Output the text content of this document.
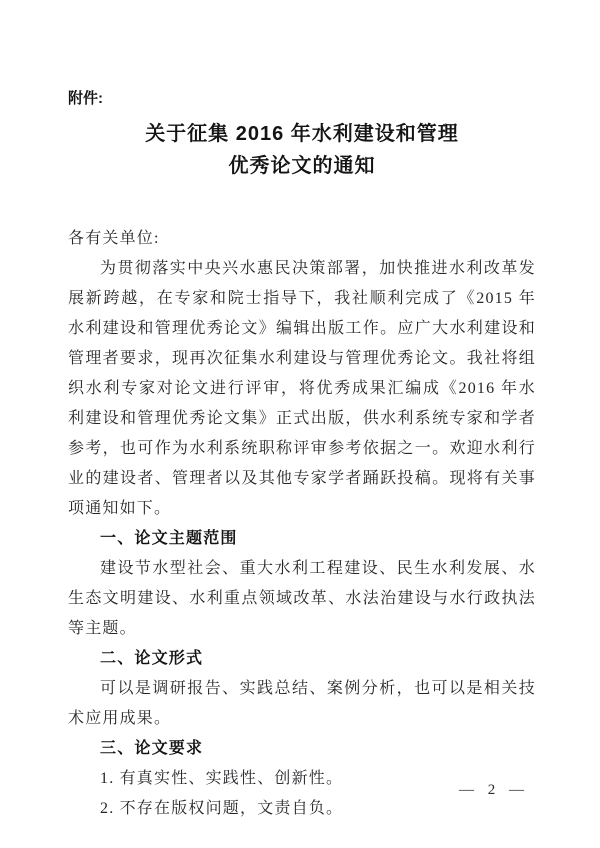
附件:
关于征集 2016 年水利建设和管理
优秀论文的通知
各有关单位:

为贯彻落实中央兴水惠民决策部署，加快推进水利改革发展新跨越，在专家和院士指导下，我社顺利完成了《2015 年水利建设和管理优秀论文》编辑出版工作。应广大水利建设和管理者要求，现再次征集水利建设与管理优秀论文。我社将组织水利专家对论文进行评审，将优秀成果汇编成《2016 年水利建设和管理优秀论文集》正式出版，供水利系统专家和学者参考，也可作为水利系统职称评审参考依据之一。欢迎水利行业的建设者、管理者以及其他专家学者踊跃投稿。现将有关事项通知如下。

一、论文主题范围

建设节水型社会、重大水利工程建设、民生水利发展、水生态文明建设、水利重点领域改革、水法治建设与水行政执法等主题。

二、论文形式

可以是调研报告、实践总结、案例分析，也可以是相关技术应用成果。

三、论文要求

1. 有真实性、实践性、创新性。

2. 不存在版权问题，文责自负。

— 2 —
